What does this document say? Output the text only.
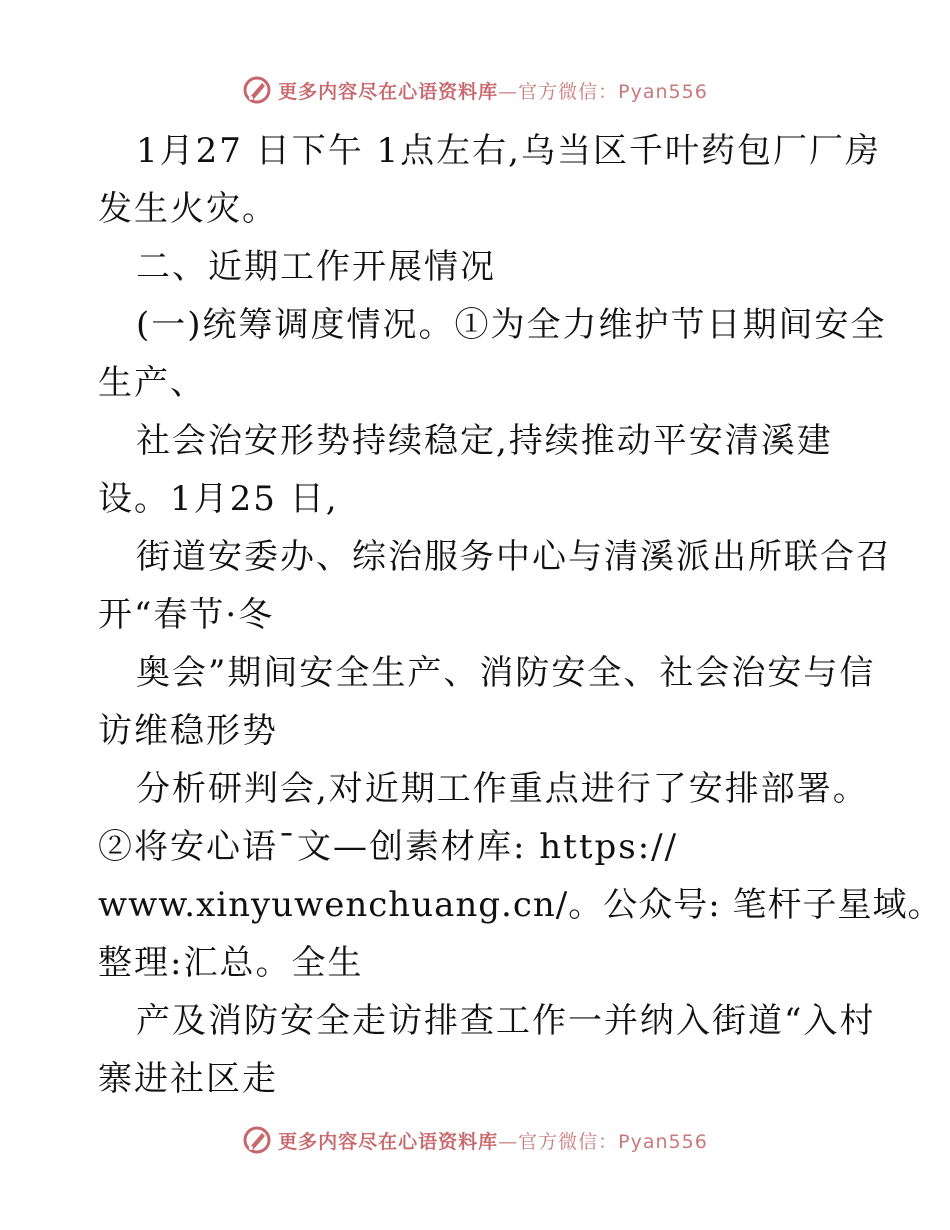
更多内容尽在心语资料库—官方微信：Pyan556
1月27 日下午 1点左右,乌当区千叶药包厂厂房
发生火灾。
二、近期工作开展情况
(一)统筹调度情况。①为全力维护节日期间安全
生产、
社会治安形势持续稳定,持续推动平安清溪建
设。1月25 日,
街道安委办、综治服务中心与清溪派出所联合召
开“春节·冬
奥会”期间安全生产、消防安全、社会治安与信
访维稳形势
分析研判会,对近期工作重点进行了安排部署。
②将安心语¯文—创素材库: https://
www.xinyuwenchuang.cn/。公众号: 笔杆子星域。
整理:汇总。全生
产及消防安全走访排查工作一并纳入街道“入村
寨进社区走
更多内容尽在心语资料库—官方微信：Pyan556
